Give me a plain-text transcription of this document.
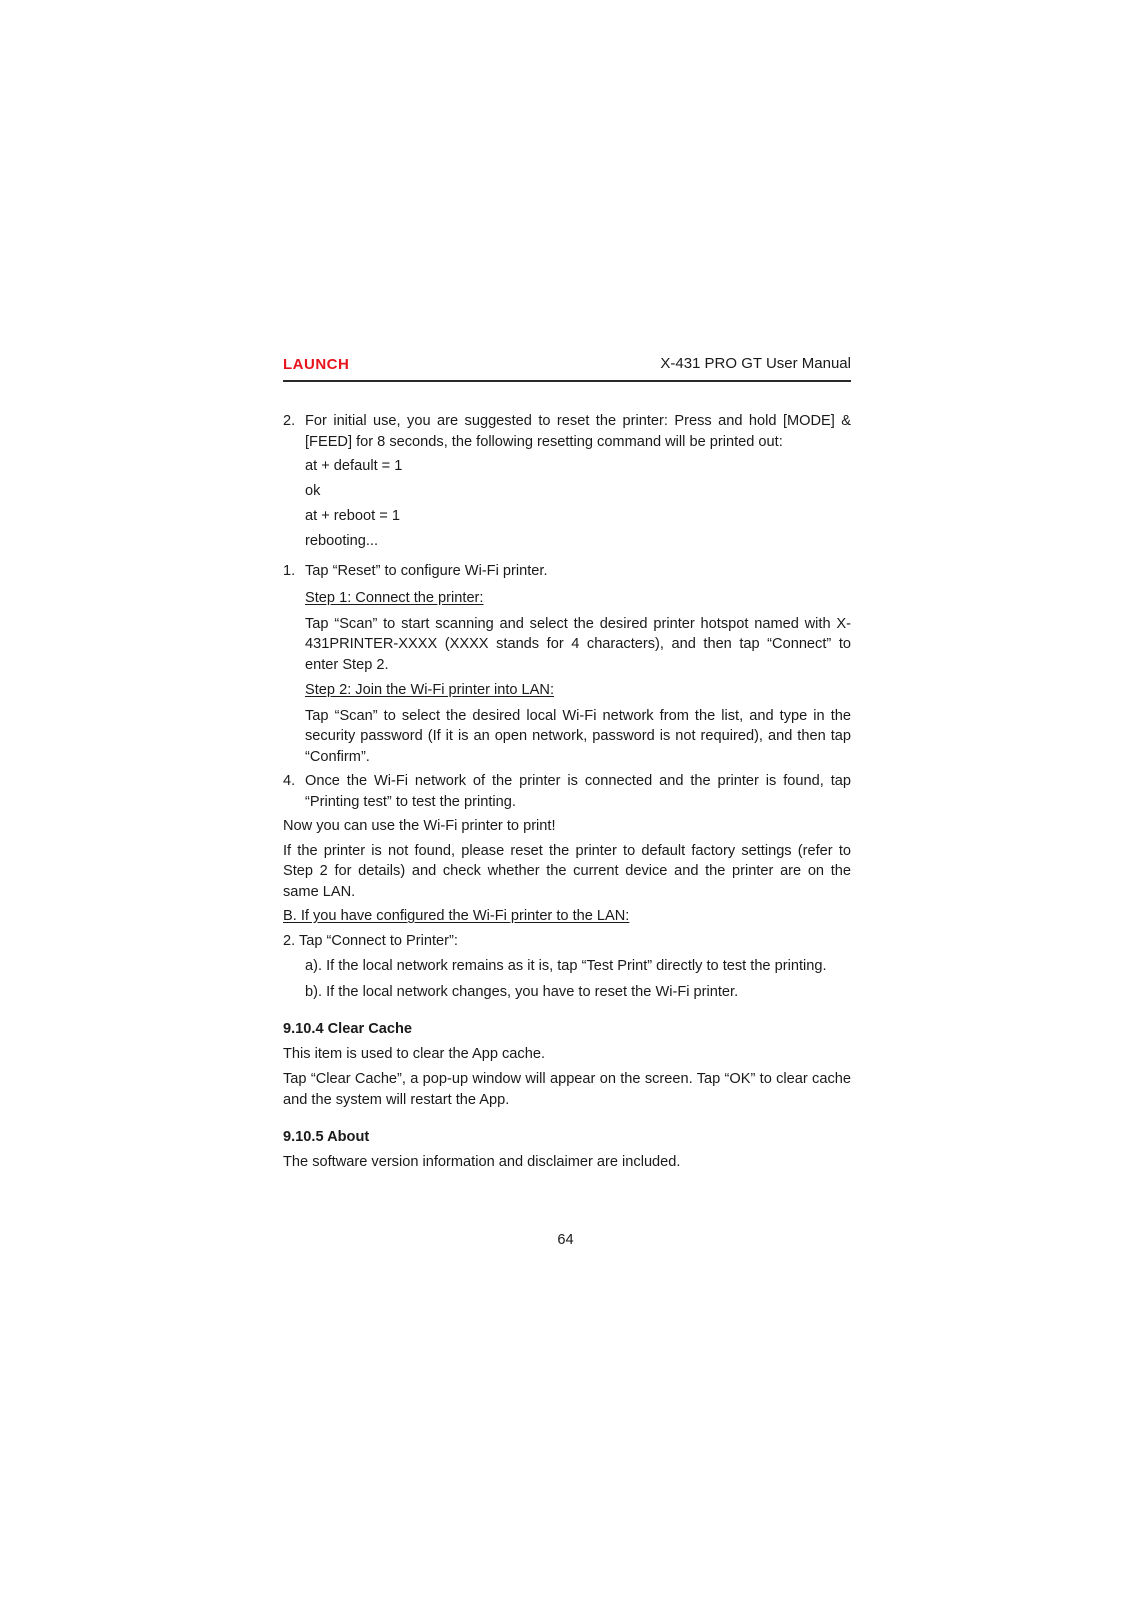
LAUNCH	X-431 PRO GT User Manual

2. For initial use, you are suggested to reset the printer: Press and hold [MODE] & [FEED] for 8 seconds, the following resetting command will be printed out:

at + default = 1

ok

at + reboot = 1

rebooting...

1. Tap “Reset” to configure Wi-Fi printer.

Step 1: Connect the printer:

Tap “Scan” to start scanning and select the desired printer hotspot named with X-431PRINTER-XXXX (XXXX stands for 4 characters), and then tap “Connect” to enter Step 2.

Step 2: Join the Wi-Fi printer into LAN:

Tap “Scan” to select the desired local Wi-Fi network from the list, and type in the security password (If it is an open network, password is not required), and then tap “Confirm”.

4. Once the Wi-Fi network of the printer is connected and the printer is found, tap “Printing test” to test the printing.

Now you can use the Wi-Fi printer to print!

If the printer is not found, please reset the printer to default factory settings (refer to Step 2 for details) and check whether the current device and the printer are on the same LAN.

B. If you have configured the Wi-Fi printer to the LAN:

2. Tap “Connect to Printer”:

a). If the local network remains as it is, tap “Test Print” directly to test the printing.

b). If the local network changes, you have to reset the Wi-Fi printer.

9.10.4 Clear Cache

This item is used to clear the App cache.

Tap “Clear Cache”, a pop-up window will appear on the screen. Tap “OK” to clear cache and the system will restart the App.

9.10.5 About

The software version information and disclaimer are included.

64
